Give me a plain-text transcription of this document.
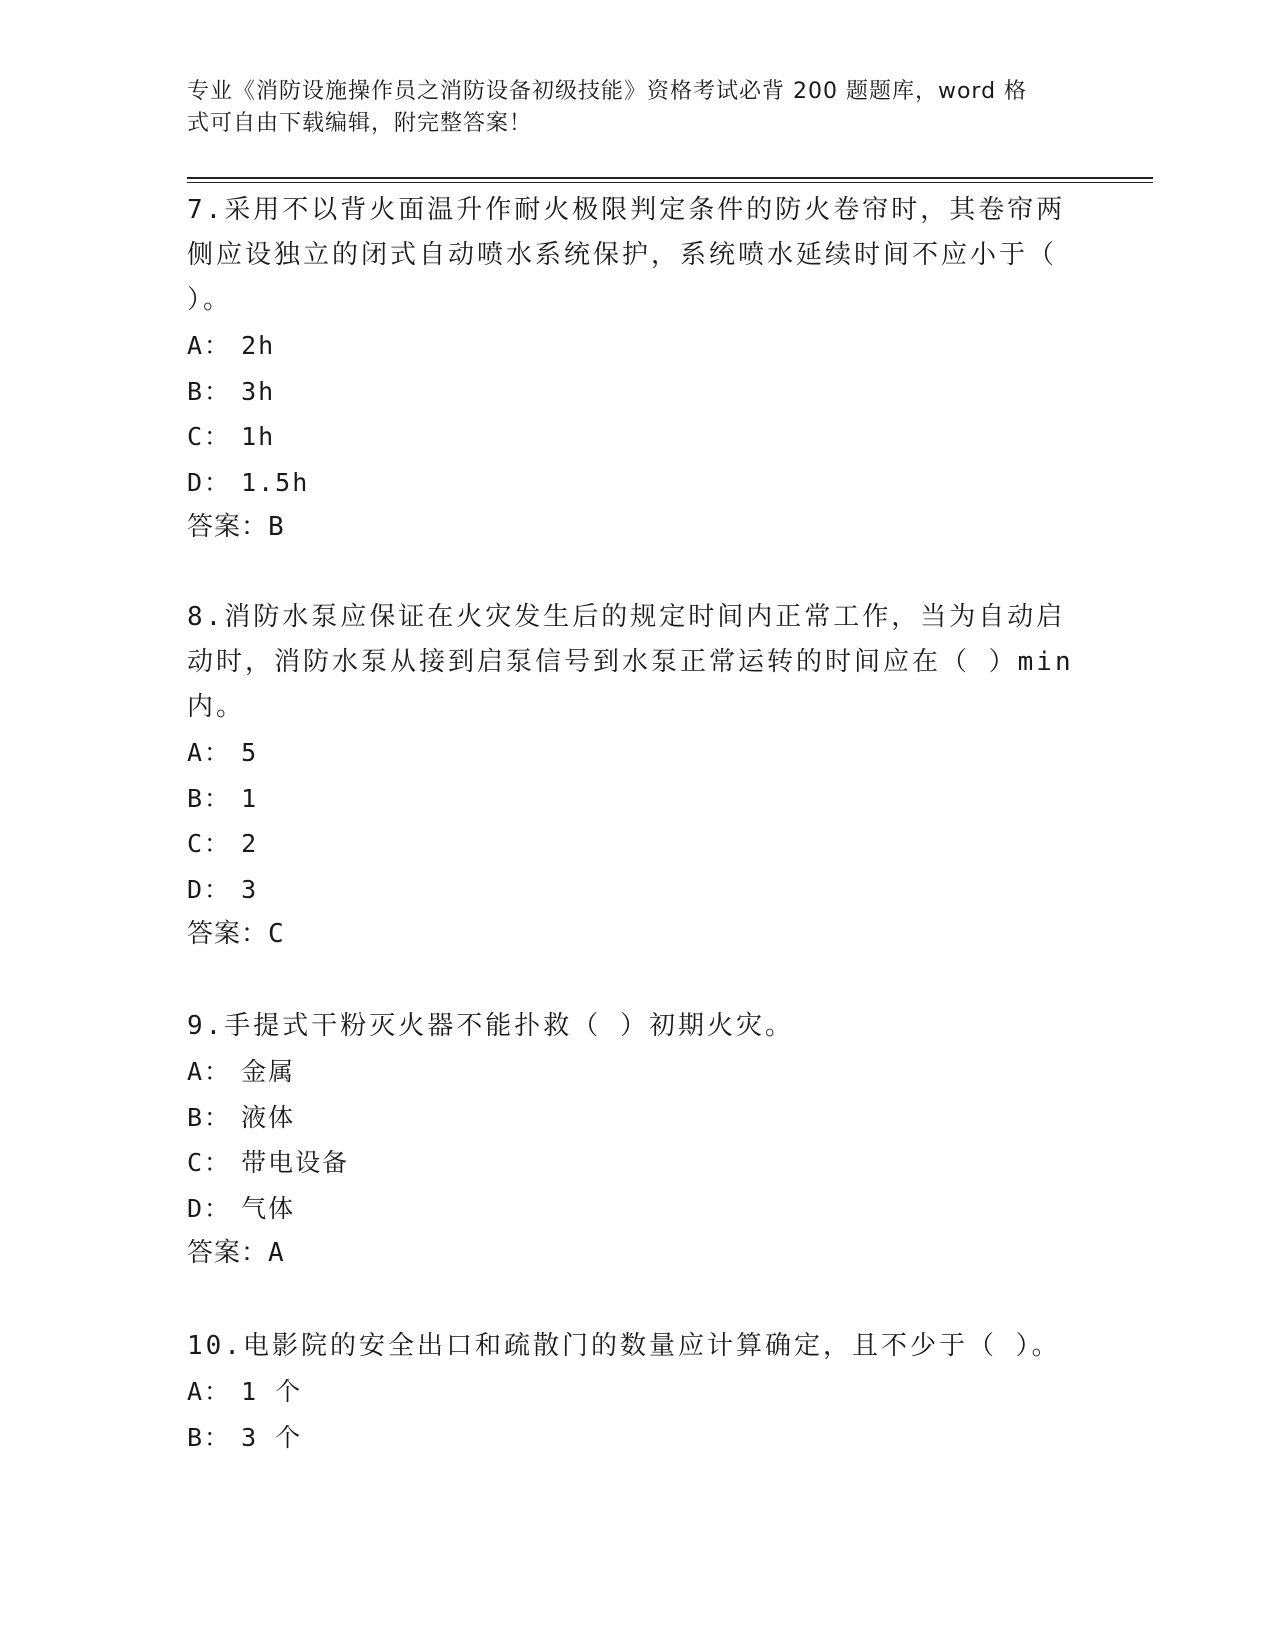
专业《消防设施操作员之消防设备初级技能》资格考试必背 200 题题库，word 格
式可自由下载编辑，附完整答案！

7.采用不以背火面温升作耐火极限判定条件的防火卷帘时，其卷帘两

侧应设独立的闭式自动喷水系统保护，系统喷水延续时间不应小于（

）。

A： 2h

B： 3h

C： 1h

D： 1.5h

答案：B

8.消防水泵应保证在火灾发生后的规定时间内正常工作，当为自动启

动时，消防水泵从接到启泵信号到水泵正常运转的时间应在（ ）min

内。

A： 5

B： 1

C： 2

D： 3

答案：C

9.手提式干粉灭火器不能扑救（ ）初期火灾。

A： 金属

B： 液体

C： 带电设备

D： 气体

答案：A

10.电影院的安全出口和疏散门的数量应计算确定，且不少于（ ）。

A： 1 个

B： 3 个
